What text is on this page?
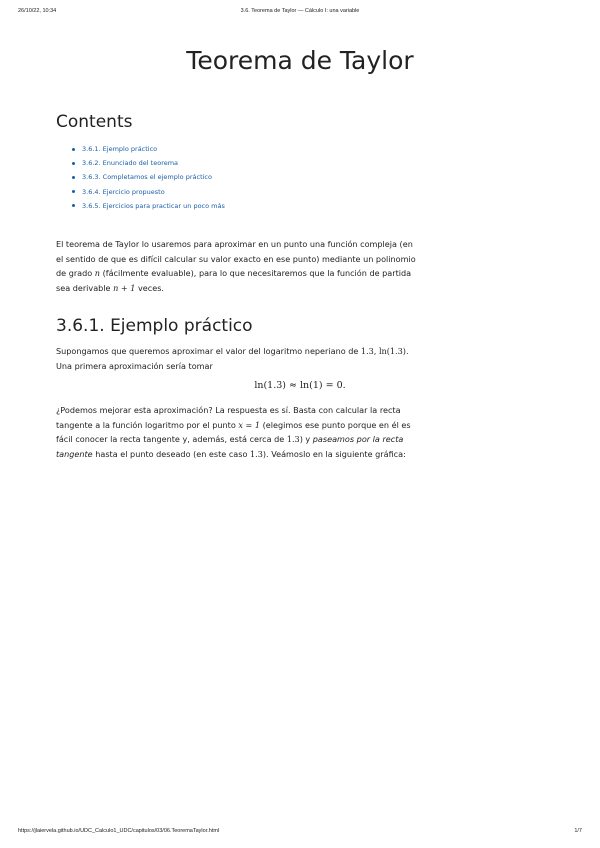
26/10/22, 10:34	3.6. Teorema de Taylor — Cálculo I: una variable
Teorema de Taylor
Contents
3.6.1. Ejemplo práctico
3.6.2. Enunciado del teorema
3.6.3. Completamos el ejemplo práctico
3.6.4. Ejercicio propuesto
3.6.5. Ejercicios para practicar un poco más

El teorema de Taylor lo usaremos para aproximar en un punto una función compleja (en el sentido de que es difícil calcular su valor exacto en ese punto) mediante un polinomio de grado n (fácilmente evaluable), para lo que necesitaremos que la función de partida sea derivable n + 1 veces.

3.6.1. Ejemplo práctico

Supongamos que queremos aproximar el valor del logaritmo neperiano de 1.3, ln(1.3). Una primera aproximación sería tomar

ln(1.3) ≈ ln(1) = 0.

¿Podemos mejorar esta aproximación? La respuesta es sí. Basta con calcular la recta tangente a la función logaritmo por el punto x = 1 (elegimos ese punto porque en él es fácil conocer la recta tangente y, además, está cerca de 1.3) y paseamos por la recta tangente hasta el punto deseado (en este caso 1.3). Veámoslo en la siguiente gráfica:

https://jlaiervela.github.io/UDC_Calculo1_UDC/capitulos/03/06.TeoremaTaylor.html	1/7
